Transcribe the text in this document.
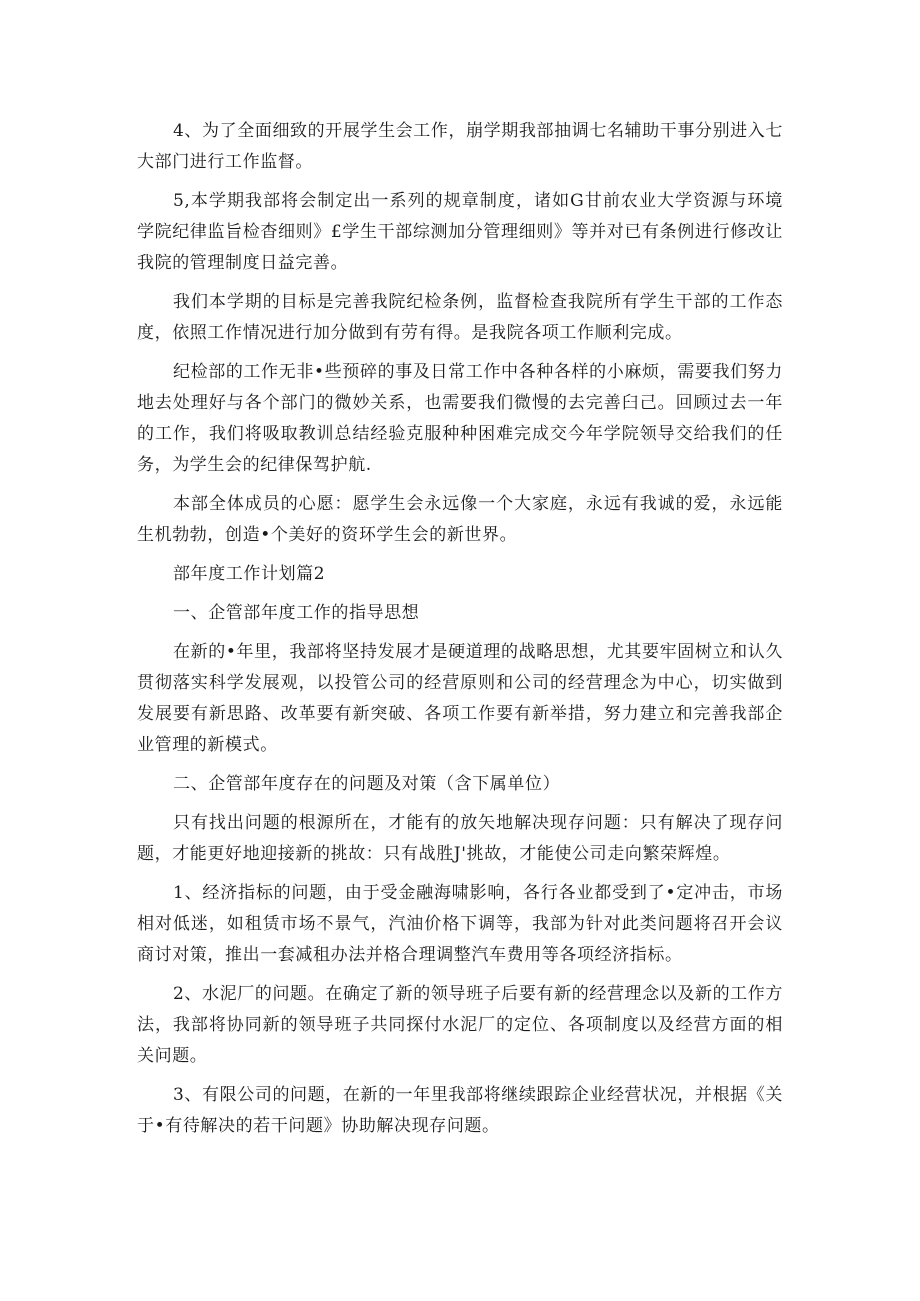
4、为了全面细致的开展学生会工作，崩学期我部抽调七名辅助干事分别进入七大部门进行工作监督。

5,本学期我部将会制定出一系列的规章制度，诸如G甘前农业大学资源与环境学院纪律监旨检杳细则》£学生干部综测加分管理细则》等并对已有条例进行修改让我院的管理制度日益完善。

我们本学期的目标是完善我院纪检条例，监督检查我院所有学生干部的工作态度，依照工作情况进行加分做到有劳有得。是我院各项工作顺利完成。

纪检部的工作无非•些预碎的事及日常工作中各种各样的小麻烦，需要我们努力地去处理好与各个部门的微妙关系，也需要我们微慢的去完善臼己。回顾过去一年的工作，我们将吸取教训总结经验克服种种困难完成交今年学院领导交给我们的任务，为学生会的纪律保驾护航.

本部全体成员的心愿：愿学生会永远像一个大家庭，永远有我诚的爱，永远能生机勃勃，创造•个美好的资环学生会的新世界。

部年度工作计划篇2

一、企管部年度工作的指导思想

在新的•年里，我部将坚持发展才是硬道理的战略思想，尤其要牢固树立和认久贯彻落实科学发展观，以投管公司的经营原则和公司的经营理念为中心，切实做到发展要有新思路、改革要有新突破、各项工作要有新举措，努力建立和完善我部企业管理的新模式。

二、企管部年度存在的问题及对策（含下属单位）

只有找出问题的根源所在，才能有的放矢地解决现存问题：只有解决了现存问题，才能更好地迎接新的挑故：只有战胜J'挑故，才能使公司走向繁荣辉煌。

1、经济指标的问题，由于受金融海啸影响，各行各业都受到了•定冲击，市场相对低迷，如租赁市场不景气，汽油价格下调等，我部为针对此类问题将召开会议商讨对策，推出一套减租办法并格合理调整汽车费用等各项经济指标。

2、水泥厂的问题。在确定了新的领导班子后要有新的经营理念以及新的工作方法，我部将协同新的领导班子共同探付水泥厂的定位、各项制度以及经营方面的相关问题。

3、有限公司的问题，在新的一年里我部将继续跟踪企业经营状况，并根据《关于•有待解决的若干问题》协助解决现存问题。
